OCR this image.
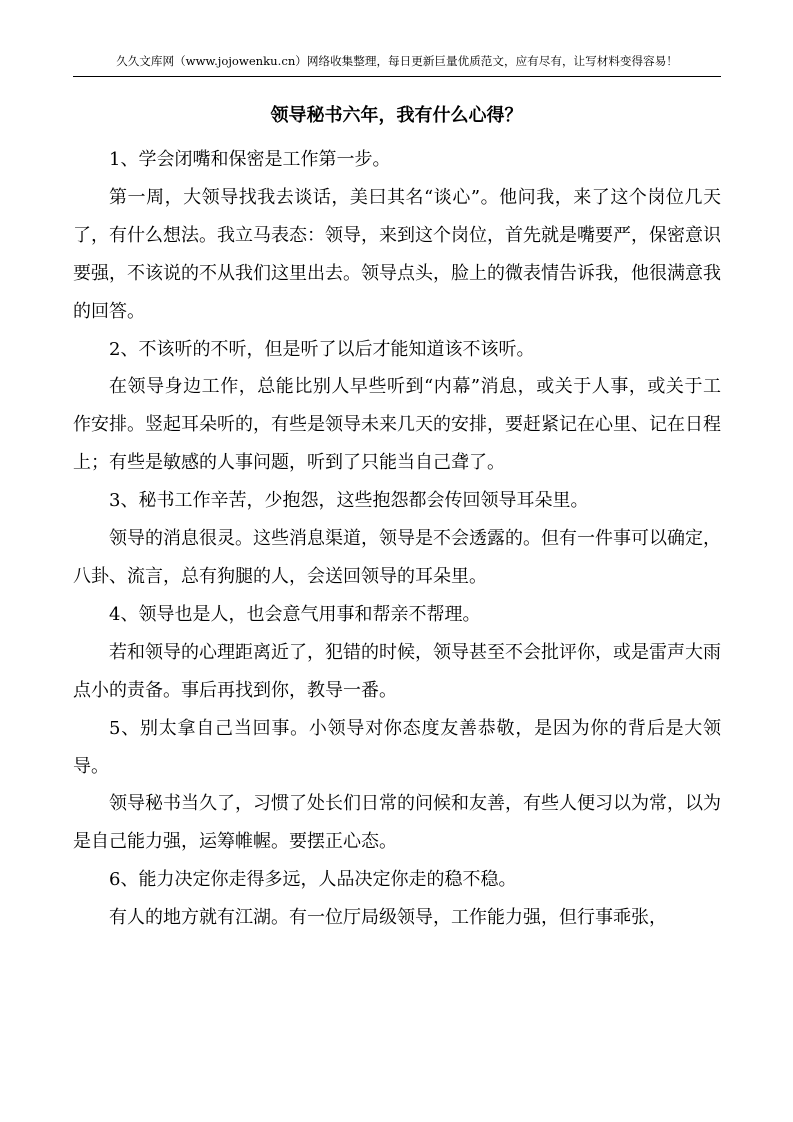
久久文库网（www.jojowenku.cn）网络收集整理，每日更新巨量优质范文，应有尽有，让写材料变得容易！
领导秘书六年，我有什么心得？

1、学会闭嘴和保密是工作第一步。

第一周，大领导找我去谈话，美曰其名“谈心”。他问我，来了这个岗位几天了，有什么想法。我立马表态：领导，来到这个岗位，首先就是嘴要严，保密意识要强，不该说的不从我们这里出去。领导点头，脸上的微表情告诉我，他很满意我的回答。

2、不该听的不听，但是听了以后才能知道该不该听。

在领导身边工作，总能比别人早些听到“内幕”消息，或关于人事，或关于工作安排。竖起耳朵听的，有些是领导未来几天的安排，要赶紧记在心里、记在日程上；有些是敏感的人事问题，听到了只能当自己聋了。

3、秘书工作辛苦，少抱怨，这些抱怨都会传回领导耳朵里。

领导的消息很灵。这些消息渠道，领导是不会透露的。但有一件事可以确定，八卦、流言，总有狗腿的人，会送回领导的耳朵里。

4、领导也是人，也会意气用事和帮亲不帮理。

若和领导的心理距离近了，犯错的时候，领导甚至不会批评你，或是雷声大雨点小的责备。事后再找到你，教导一番。

5、别太拿自己当回事。小领导对你态度友善恭敬，是因为你的背后是大领导。

领导秘书当久了，习惯了处长们日常的问候和友善，有些人便习以为常，以为是自己能力强，运筹帷幄。要摆正心态。

6、能力决定你走得多远，人品决定你走的稳不稳。

有人的地方就有江湖。有一位厅局级领导，工作能力强，但行事乖张，
